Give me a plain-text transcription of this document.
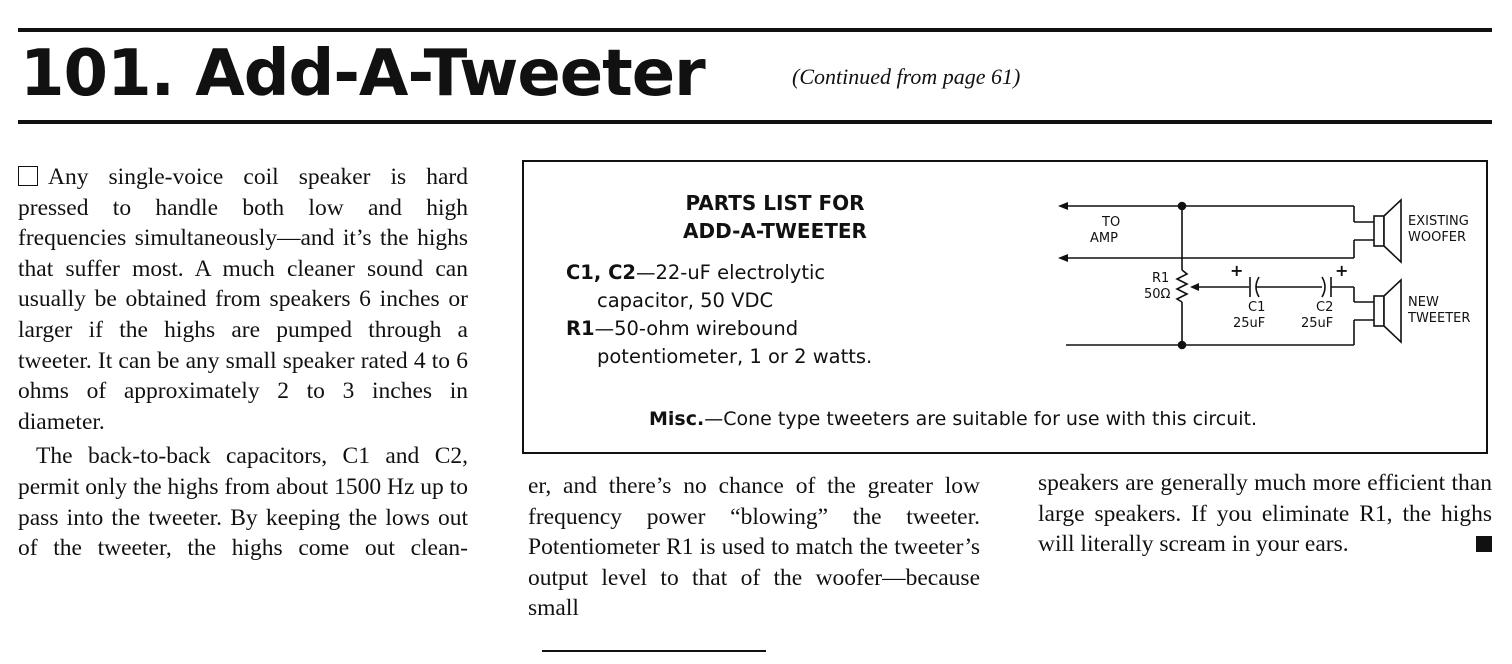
101. Add-A-Tweeter	(Continued from page 61)

Any single-voice coil speaker is hard pressed to handle both low and high frequencies simultaneously—and it’s the highs that suffer most. A much cleaner sound can usually be obtained from speakers 6 inches or larger if the highs are pumped through a tweeter. It can be any small speaker rated 4 to 6 ohms of approximately 2 to 3 inches in diameter.

The back-to-back capacitors, C1 and C2, permit only the highs from about 1500 Hz up to pass into the tweeter. By keeping the lows out of the tweeter, the highs come out clean-

PARTS LIST FOR
ADD-A-TWEETER
C1, C2—22-uF electrolytic
capacitor, 50 VDC
R1—50-ohm wirebound
potentiometer, 1 or 2 watts.
Misc.—Cone type tweeters are suitable for use with this circuit.
TO
AMP
R1
50Ω
+
C1
25uF
+
C2
25uF
EXISTING
WOOFER
NEW
TWEETER

er, and there’s no chance of the greater low frequency power “blowing” the tweeter. Potentiometer R1 is used to match the tweeter’s output level to that of the woofer—because small

speakers are generally much more efficient than large speakers. If you eliminate R1, the highs will literally scream in your ears.
